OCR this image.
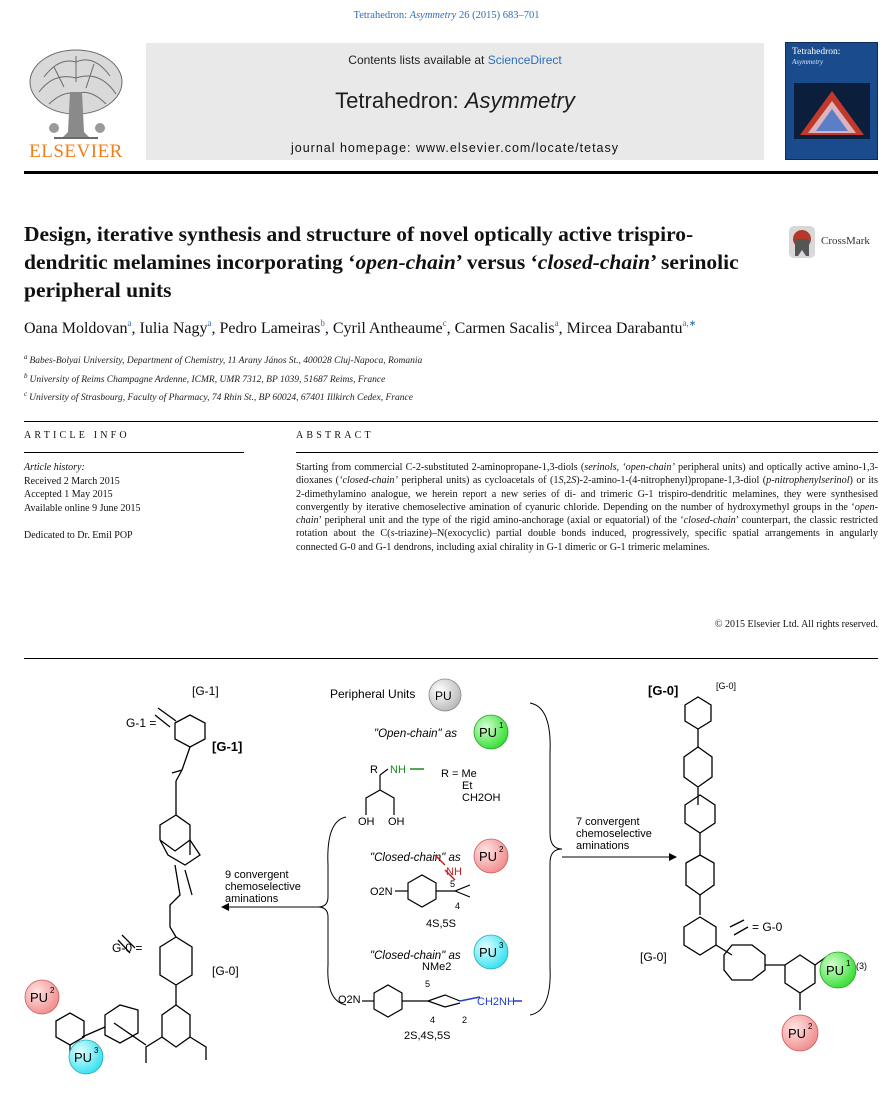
Tetrahedron: Asymmetry 26 (2015) 683–701
ELSEVIER
Contents lists available at ScienceDirect
Tetrahedron: Asymmetry
journal homepage: www.elsevier.com/locate/tetasy
Tetrahedron:
Asymmetry
Design, iterative synthesis and structure of novel optically active trispiro-dendritic melamines incorporating ‘open-chain’ versus ‘closed-chain’ serinolic peripheral units
CrossMark
Oana Moldovan$^a$, Iulia Nagy$^a$, Pedro Lameiras$^b$, Cyril Antheaume$^c$, Carmen Sacalis$^a$, Mircea Darabantu$^{a,∗}$
$^a$ Babes-Bolyai University, Department of Chemistry, 11 Arany János St., 400028 Cluj-Napoca, Romania
$^b$ University of Reims Champagne Ardenne, ICMR, UMR 7312, BP 1039, 51687 Reims, France
$^c$ University of Strasbourg, Faculty of Pharmacy, 74 Rhin St., BP 60024, 67401 Illkirch Cedex, France
ARTICLE INFO	ABSTRACT
Article history:
Received 2 March 2015
Accepted 1 May 2015
Available online 9 June 2015
Dedicated to Dr. Emil POP
Starting from commercial C-2-substituted 2-aminopropane-1,3-diols (serinols, ‘open-chain’ peripheral units) and optically active amino-1,3-dioxanes (‘closed-chain’ peripheral units) as cycloacetals of (1S,2S)-2-amino-1-(4-nitrophenyl)propane-1,3-diol (p-nitrophenylserinol) or its 2-dimethylamino analogue, we herein report a new series of di- and trimeric G-1 trispiro-dendritic melamines, they were synthesised convergently by iterative chemoselective amination of cyanuric chloride. Depending on the number of hydroxymethyl groups in the ‘open-chain’ peripheral unit and the type of the rigid amino-anchorage (axial or equatorial) of the ‘closed-chain’ counterpart, the classic restricted rotation about the C(s-triazine)–N(exocyclic) partial double bonds induced, progressively, specific spatial arrangements in angularly connected G-0 and G-1 dendrons, including axial chirality in G-1 dimeric or G-1 trimeric melamines.
© 2015 Elsevier Ltd. All rights reserved.
[G-1]
G-1 =
[G-1]
G-0 =
[G-0]
PU 2
PU 3
9 convergent
chemoselective
aminations
Peripheral Units PU
"Open-chain" as PU 1
R NH	R = Me
Et
CH2OH
OH OH
"Closed-chain" as PU 2
NH
5
4
O2N
4S,5S
"Closed-chain" as PU 3
NMe2
CH2NH
5
4	2
O2N
2S,4S,5S
7 convergent
chemoselective
aminations
[G-0]	[G-0]
= G-0
[G-0]
PU 1 (3)
PU 2
